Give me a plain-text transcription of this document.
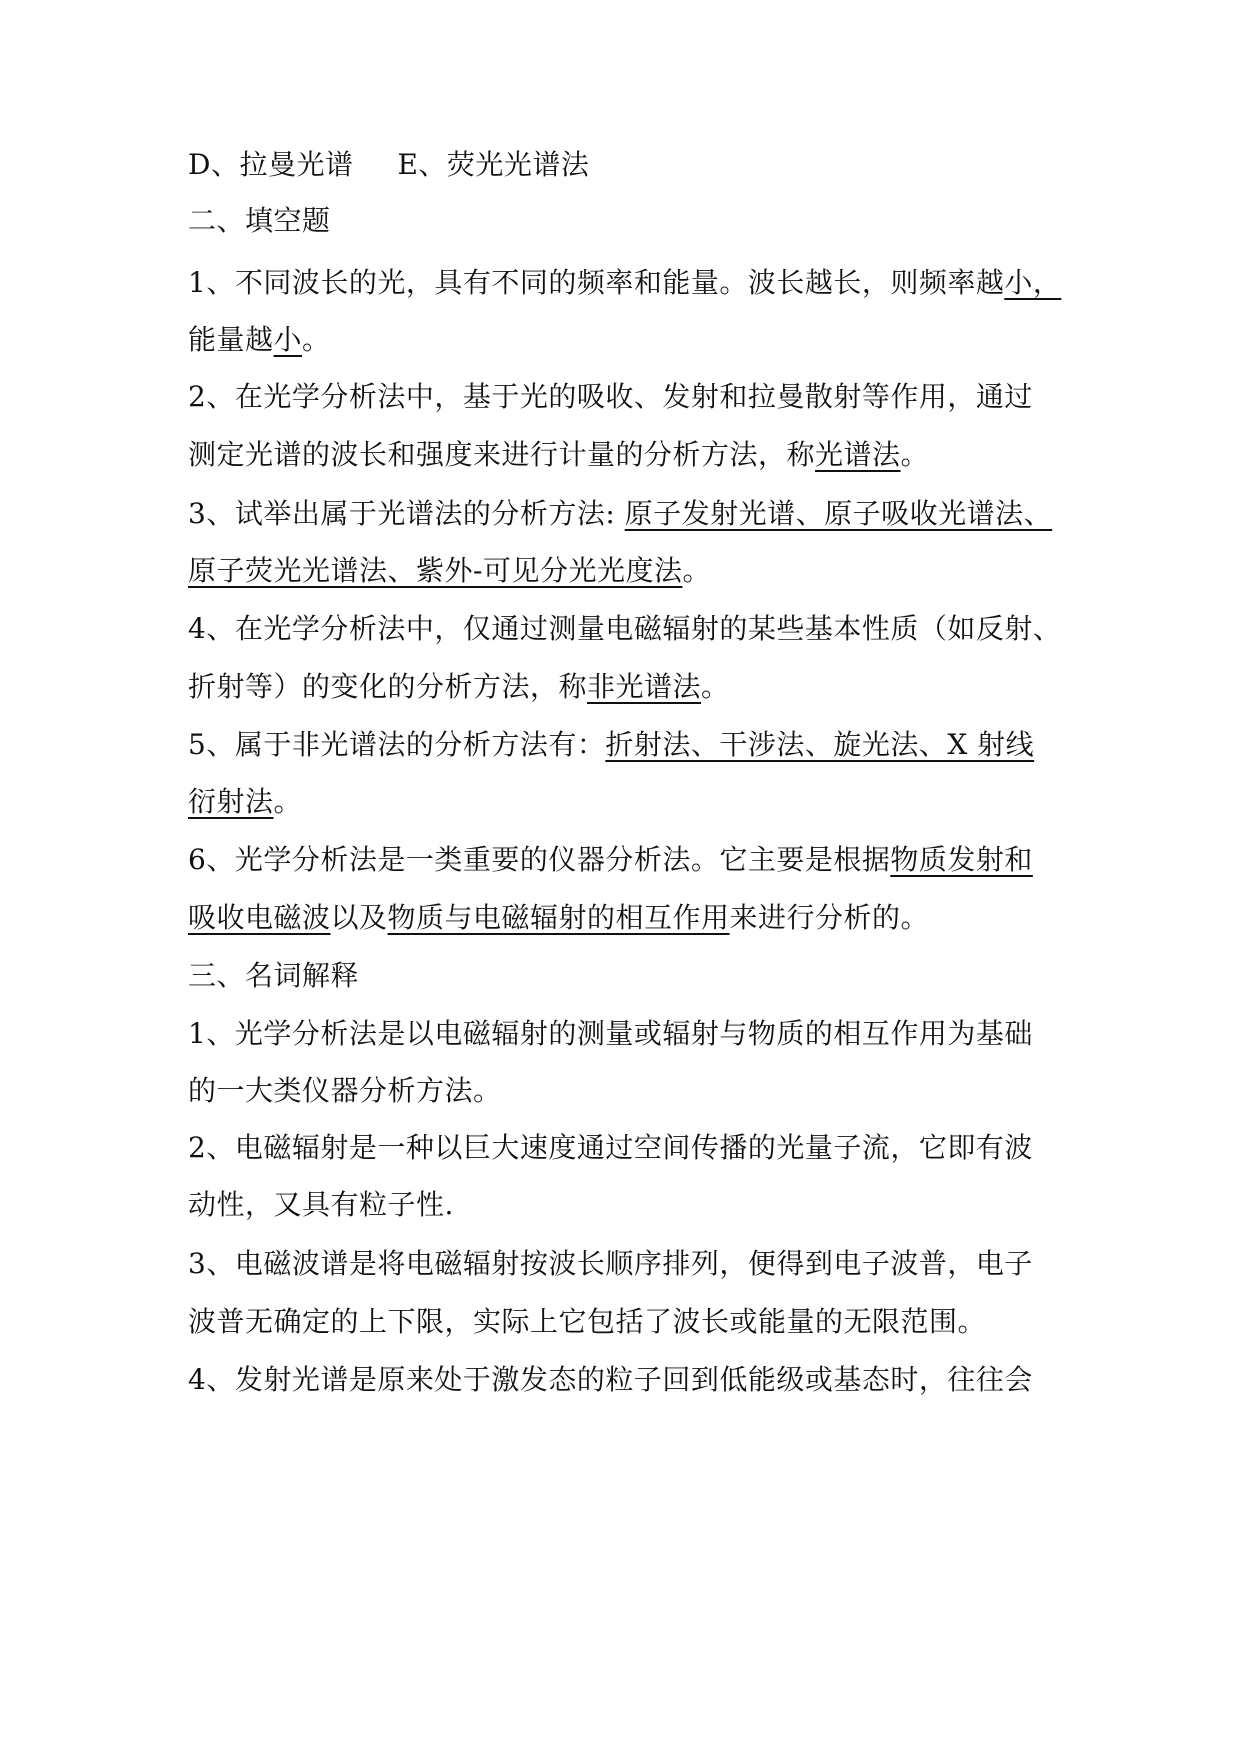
D、拉曼光谱 E、荧光光谱法
二、填空题
1、不同波长的光，具有不同的频率和能量。波长越长，则频率越小，
能量越小。
2、在光学分析法中，基于光的吸收、发射和拉曼散射等作用，通过
测定光谱的波长和强度来进行计量的分析方法，称光谱法。
3、试举出属于光谱法的分析方法: 原子发射光谱、原子吸收光谱法、
原子荧光光谱法、紫外-可见分光光度法。
4、在光学分析法中，仅通过测量电磁辐射的某些基本性质（如反射、
折射等）的变化的分析方法，称非光谱法。
5、属于非光谱法的分析方法有：折射法、干涉法、旋光法、X 射线
衍射法。
6、光学分析法是一类重要的仪器分析法。它主要是根据物质发射和
吸收电磁波以及物质与电磁辐射的相互作用来进行分析的。
三、名词解释
1、光学分析法是以电磁辐射的测量或辐射与物质的相互作用为基础
的一大类仪器分析方法。
2、电磁辐射是一种以巨大速度通过空间传播的光量子流，它即有波
动性，又具有粒子性.
3、电磁波谱是将电磁辐射按波长顺序排列，便得到电子波普，电子
波普无确定的上下限，实际上它包括了波长或能量的无限范围。
4、发射光谱是原来处于激发态的粒子回到低能级或基态时，往往会
